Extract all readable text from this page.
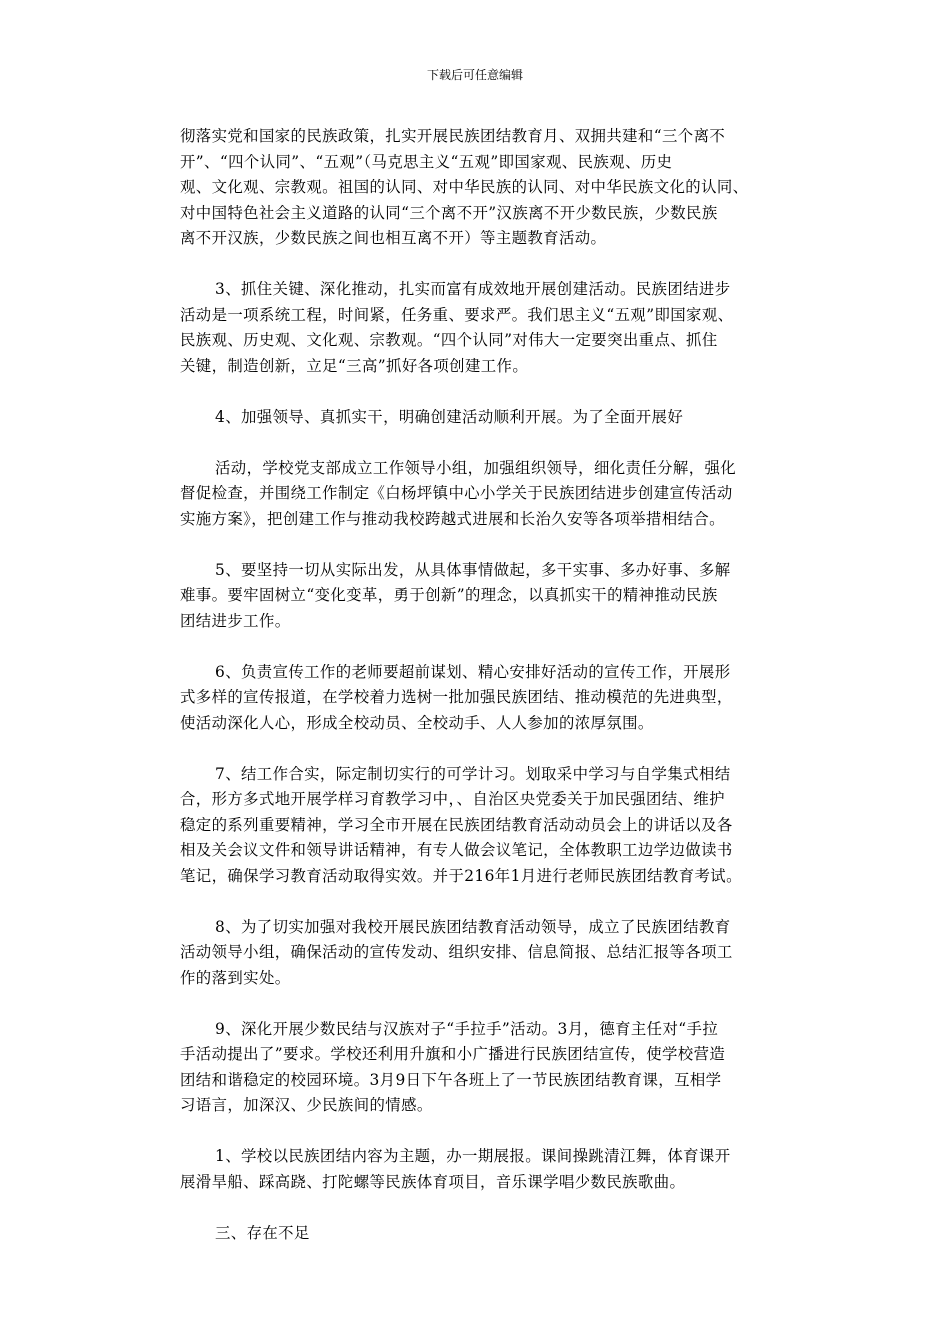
下载后可任意编辑
彻落实党和国家的民族政策，扎实开展民族团结教育月、双拥共建和“三个离不
开”、“四个认同”、“五观”（马克思主义“五观”即国家观、民族观、历史
观、文化观、宗教观。祖国的认同、对中华民族的认同、对中华民族文化的认同、
对中国特色社会主义道路的认同“三个离不开”汉族离不开少数民族，少数民族
离不开汉族，少数民族之间也相互离不开）等主题教育活动。
3、抓住关键、深化推动，扎实而富有成效地开展创建活动。民族团结进步
活动是一项系统工程，时间紧，任务重、要求严。我们思主义“五观”即国家观、
民族观、历史观、文化观、宗教观。“四个认同”对伟大一定要突出重点、抓住
关键，制造创新，立足“三高”抓好各项创建工作。
4、加强领导、真抓实干，明确创建活动顺利开展。为了全面开展好
活动，学校党支部成立工作领导小组，加强组织领导，细化责任分解，强化
督促检查，并围绕工作制定《白杨坪镇中心小学关于民族团结进步创建宣传活动
实施方案》，把创建工作与推动我校跨越式进展和长治久安等各项举措相结合。
5、要坚持一切从实际出发，从具体事情做起，多干实事、多办好事、多解
难事。要牢固树立“变化变革，勇于创新”的理念，以真抓实干的精神推动民族
团结进步工作。
6、负责宣传工作的老师要超前谋划、精心安排好活动的宣传工作，开展形
式多样的宣传报道，在学校着力选树一批加强民族团结、推动模范的先进典型，
使活动深化人心，形成全校动员、全校动手、人人参加的浓厚氛围。
7、结工作合实，际定制切实行的可学计习。划取采中学习与自学集式相结
合，形方多式地开展学样习育教学习中，、自治区央党委关于加民强团结、维护
稳定的系列重要精神，学习全市开展在民族团结教育活动动员会上的讲话以及各
相及关会议文件和领导讲话精神，有专人做会议笔记，全体教职工边学边做读书
笔记，确保学习教育活动取得实效。并于216年1月进行老师民族团结教育考试。
8、为了切实加强对我校开展民族团结教育活动领导，成立了民族团结教育
活动领导小组，确保活动的宣传发动、组织安排、信息简报、总结汇报等各项工
作的落到实处。
9、深化开展少数民结与汉族对子“手拉手”活动。3月，德育主任对“手拉
手活动提出了”要求。学校还利用升旗和小广播进行民族团结宣传，使学校营造
团结和谐稳定的校园环境。3月9日下午各班上了一节民族团结教育课，互相学
习语言，加深汉、少民族间的情感。
1、学校以民族团结内容为主题，办一期展报。课间操跳清江舞，体育课开
展滑旱船、踩高跷、打陀螺等民族体育项目，音乐课学唱少数民族歌曲。
三、存在不足
